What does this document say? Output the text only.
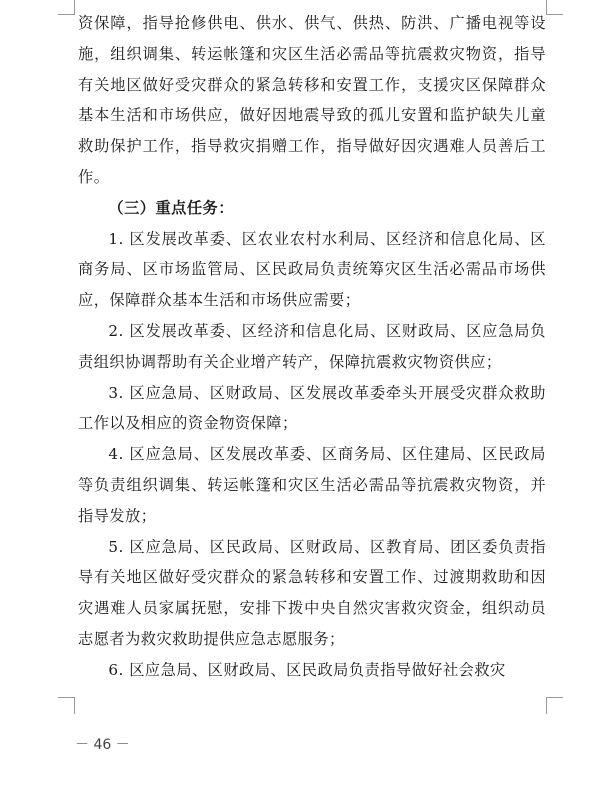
资保障，指导抢修供电、供水、供气、供热、防洪、广播电视等设施，组织调集、转运帐篷和灾区生活必需品等抗震救灾物资，指导有关地区做好受灾群众的紧急转移和安置工作，支援灾区保障群众基本生活和市场供应，做好因地震导致的孤儿安置和监护缺失儿童救助保护工作，指导救灾捐赠工作，指导做好因灾遇难人员善后工作。

（三）重点任务：

1. 区发展改革委、区农业农村水利局、区经济和信息化局、区商务局、区市场监管局、区民政局负责统筹灾区生活必需品市场供应，保障群众基本生活和市场供应需要；

2. 区发展改革委、区经济和信息化局、区财政局、区应急局负责组织协调帮助有关企业增产转产，保障抗震救灾物资供应；

3. 区应急局、区财政局、区发展改革委牵头开展受灾群众救助工作以及相应的资金物资保障；

4. 区应急局、区发展改革委、区商务局、区住建局、区民政局等负责组织调集、转运帐篷和灾区生活必需品等抗震救灾物资，并指导发放；

5. 区应急局、区民政局、区财政局、区教育局、团区委负责指导有关地区做好受灾群众的紧急转移和安置工作、过渡期救助和因灾遇难人员家属抚慰，安排下拨中央自然灾害救灾资金，组织动员志愿者为救灾救助提供应急志愿服务；

6. 区应急局、区财政局、区民政局负责指导做好社会救灾

－ 46 －
